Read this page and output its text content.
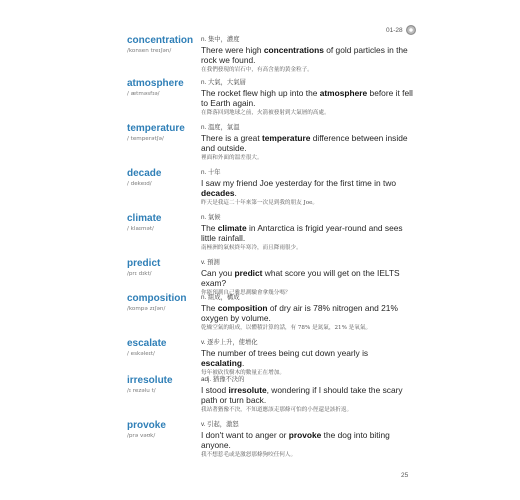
01-28
concentration
/konsen treɪʃən/
n. 集中，濃度
There were high concentrations of gold particles in the rock we found.
在我們發現的岩石中，有高含量的黃金粒子。
atmosphere
/ ætməsfɪə/
n. 大氣，大氣層
The rocket flew high up into the atmosphere before it fell to Earth again.
在降落回到地球之前，火箭被發射到大氣層的高處。
temperature
/ temperətʃə/
n. 溫度，氣溫
There is a great temperature difference between inside and outside.
裡面和外面的溫差很大。
decade
/ dekeɪd/
n. 十年
I saw my friend Joe yesterday for the first time in two decades.
昨天是我這二十年來第一次見到我的朋友 Joe。
climate
/ klaɪmət/
n. 氣候
The climate in Antarctica is frigid year-round and sees little rainfall.
南極洲的氣候終年寒冷，而且降雨很少。
predict
/prɪ dɪkt/
v. 預測
Can you predict what score you will get on the IELTS exam?
你能預測自己雅思測驗會拿幾分嗎？
composition
/kompə zɪʃən/
n. 組成，構成
The composition of dry air is 78% nitrogen and 21% oxygen by volume.
乾燥空氣的組成，以體積計算的話，有 78% 是氮氣，21% 是氧氣。
escalate
/ eskəleɪt/
v. 逐步上升，使增化
The number of trees being cut down yearly is escalating.
每年被砍伐樹木的數量正在增加。
irresolute
/ɪ rezəlu t/
adj. 猶豫不決的
I stood irresolute, wondering if I should take the scary path or turn back.
我站著猶豫不決，不知道應該走那條可怕的小徑還是該折返。
provoke
/prə vəʊk/
v. 引起，激怒
I don't want to anger or provoke the dog into biting anyone.
我不想惹毛或是激怒那條狗咬任何人。
25
